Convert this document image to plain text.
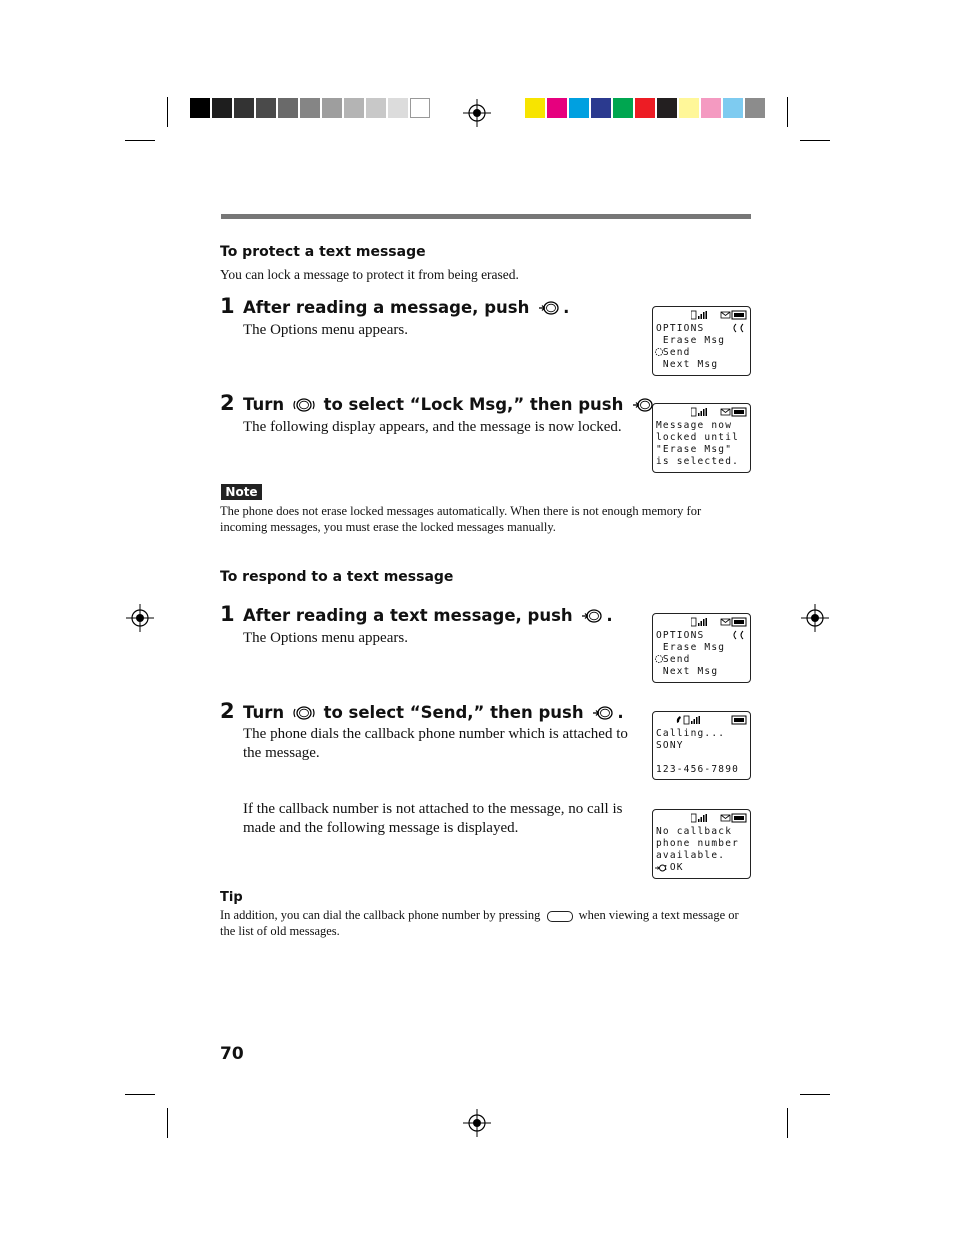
To protect a text message
You can lock a message to protect it from being erased.
1 After reading a message, push .
The Options menu appears.	OPTIONS
Erase Msg
Send
Next Msg
2 Turn to select “Lock Msg,” then push
The following display appears, and the message is now locked.	Message now
locked until
"Erase Msg"
is selected.
Note
The phone does not erase locked messages automatically. When there is not enough memory for incoming messages, you must erase the locked messages manually.
To respond to a text message
1 After reading a text message, push .
The Options menu appears.	OPTIONS
Erase Msg
Send
Next Msg
2 Turn to select “Send,” then push .
The phone dials the callback phone number which is attached to the message.
Calling...
SONY
123-456-7890
If the callback number is not attached to the message, no call is made and the following message is displayed.	No callback
phone number
available.
:OK
Tip
In addition, you can dial the callback phone number by pressing	when viewing a text message or the list of old messages.
70
